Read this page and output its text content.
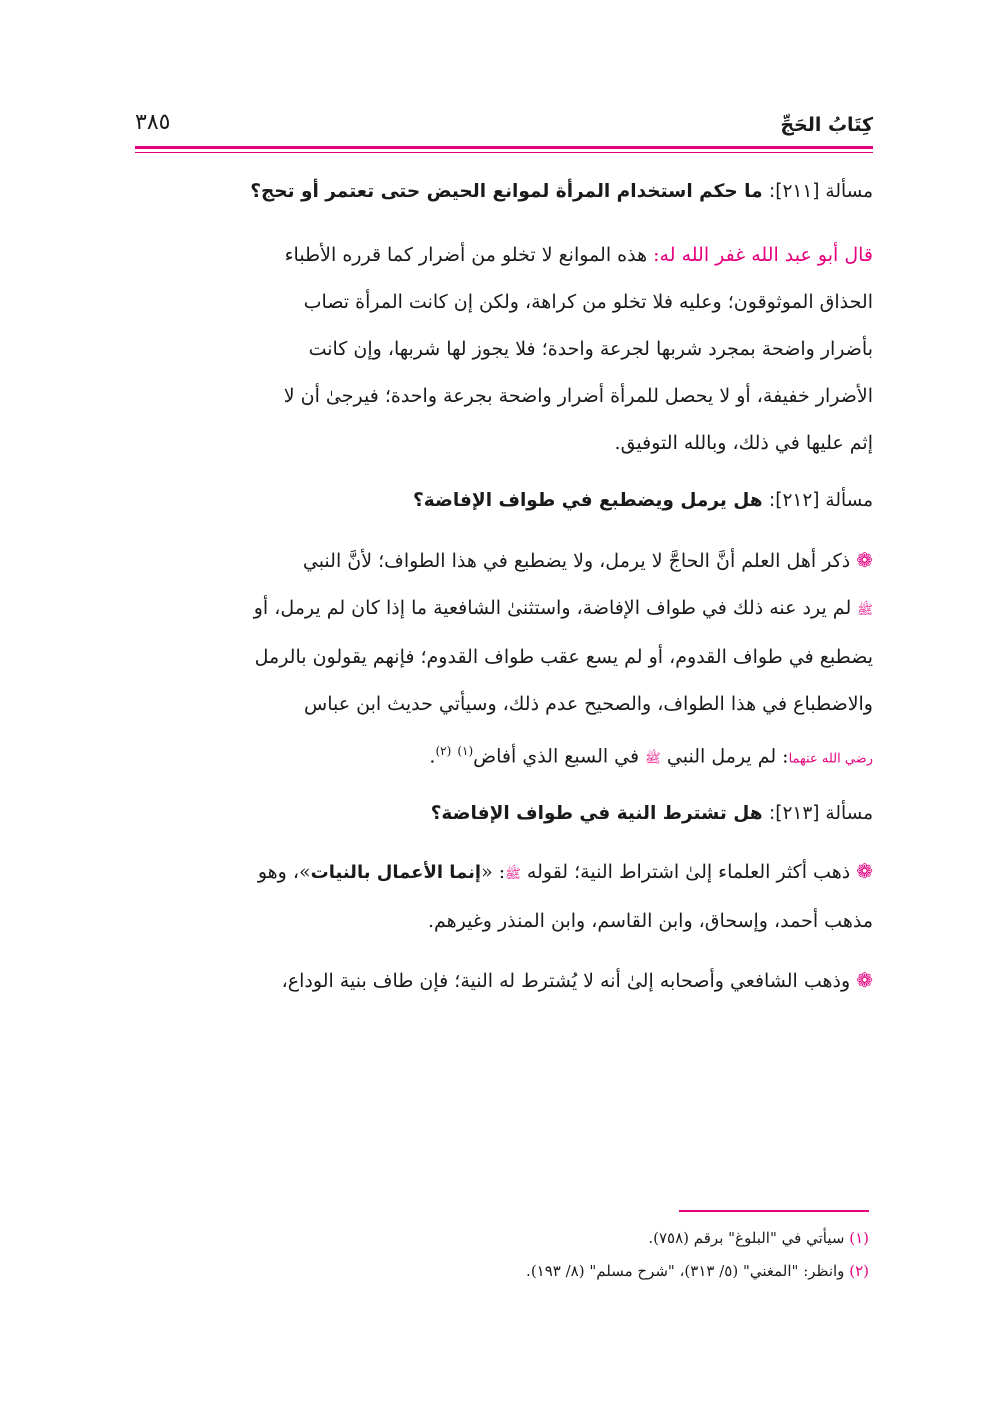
كِتَابُ الحَجِّ
٣٨٥

مسألة [٢١١]: ما حكم استخدام المرأة لموانع الحيض حتى تعتمر أو تحج؟

قال أبو عبد الله غفر الله له: هذه الموانع لا تخلو من أضرار كما قرره الأطباء

الحذاق الموثوقون؛ وعليه فلا تخلو من كراهة، ولكن إن كانت المرأة تصاب

بأضرار واضحة بمجرد شربها لجرعة واحدة؛ فلا يجوز لها شربها، وإن كانت

الأضرار خفيفة، أو لا يحصل للمرأة أضرار واضحة بجرعة واحدة؛ فيرجىٰ أن لا

إثم عليها في ذلك، وبالله التوفيق.

مسألة [٢١٢]: هل يرمل ويضطبع في طواف الإفاضة؟

❁ ذكر أهل العلم أنَّ الحاجَّ لا يرمل، ولا يضطبع في هذا الطواف؛ لأنَّ النبي

ﷺ لم يرد عنه ذلك في طواف الإفاضة، واستثنىٰ الشافعية ما إذا كان لم يرمل، أو

يضطبع في طواف القدوم، أو لم يسع عقب طواف القدوم؛ فإنهم يقولون بالرمل

والاضطباع في هذا الطواف، والصحيح عدم ذلك، وسيأتي حديث ابن عباس

رضي الله عنهما: لم يرمل النبي ﷺ في السبع الذي أفاض$^{(١)}$ $^{(٢)}$.

مسألة [٢١٣]: هل تشترط النية في طواف الإفاضة؟

❁ ذهب أكثر العلماء إلىٰ اشتراط النية؛ لقوله ﷺ: «إنما الأعمال بالنيات»، وهو

مذهب أحمد، وإسحاق، وابن القاسم، وابن المنذر وغيرهم.

❁ وذهب الشافعي وأصحابه إلىٰ أنه لا يُشترط له النية؛ فإن طاف بنية الوداع،

(١) سيأتي في "البلوغ" برقم (٧٥٨).

(٢) وانظر: "المغني" (٥/ ٣١٣)، "شرح مسلم" (٨/ ١٩٣).
